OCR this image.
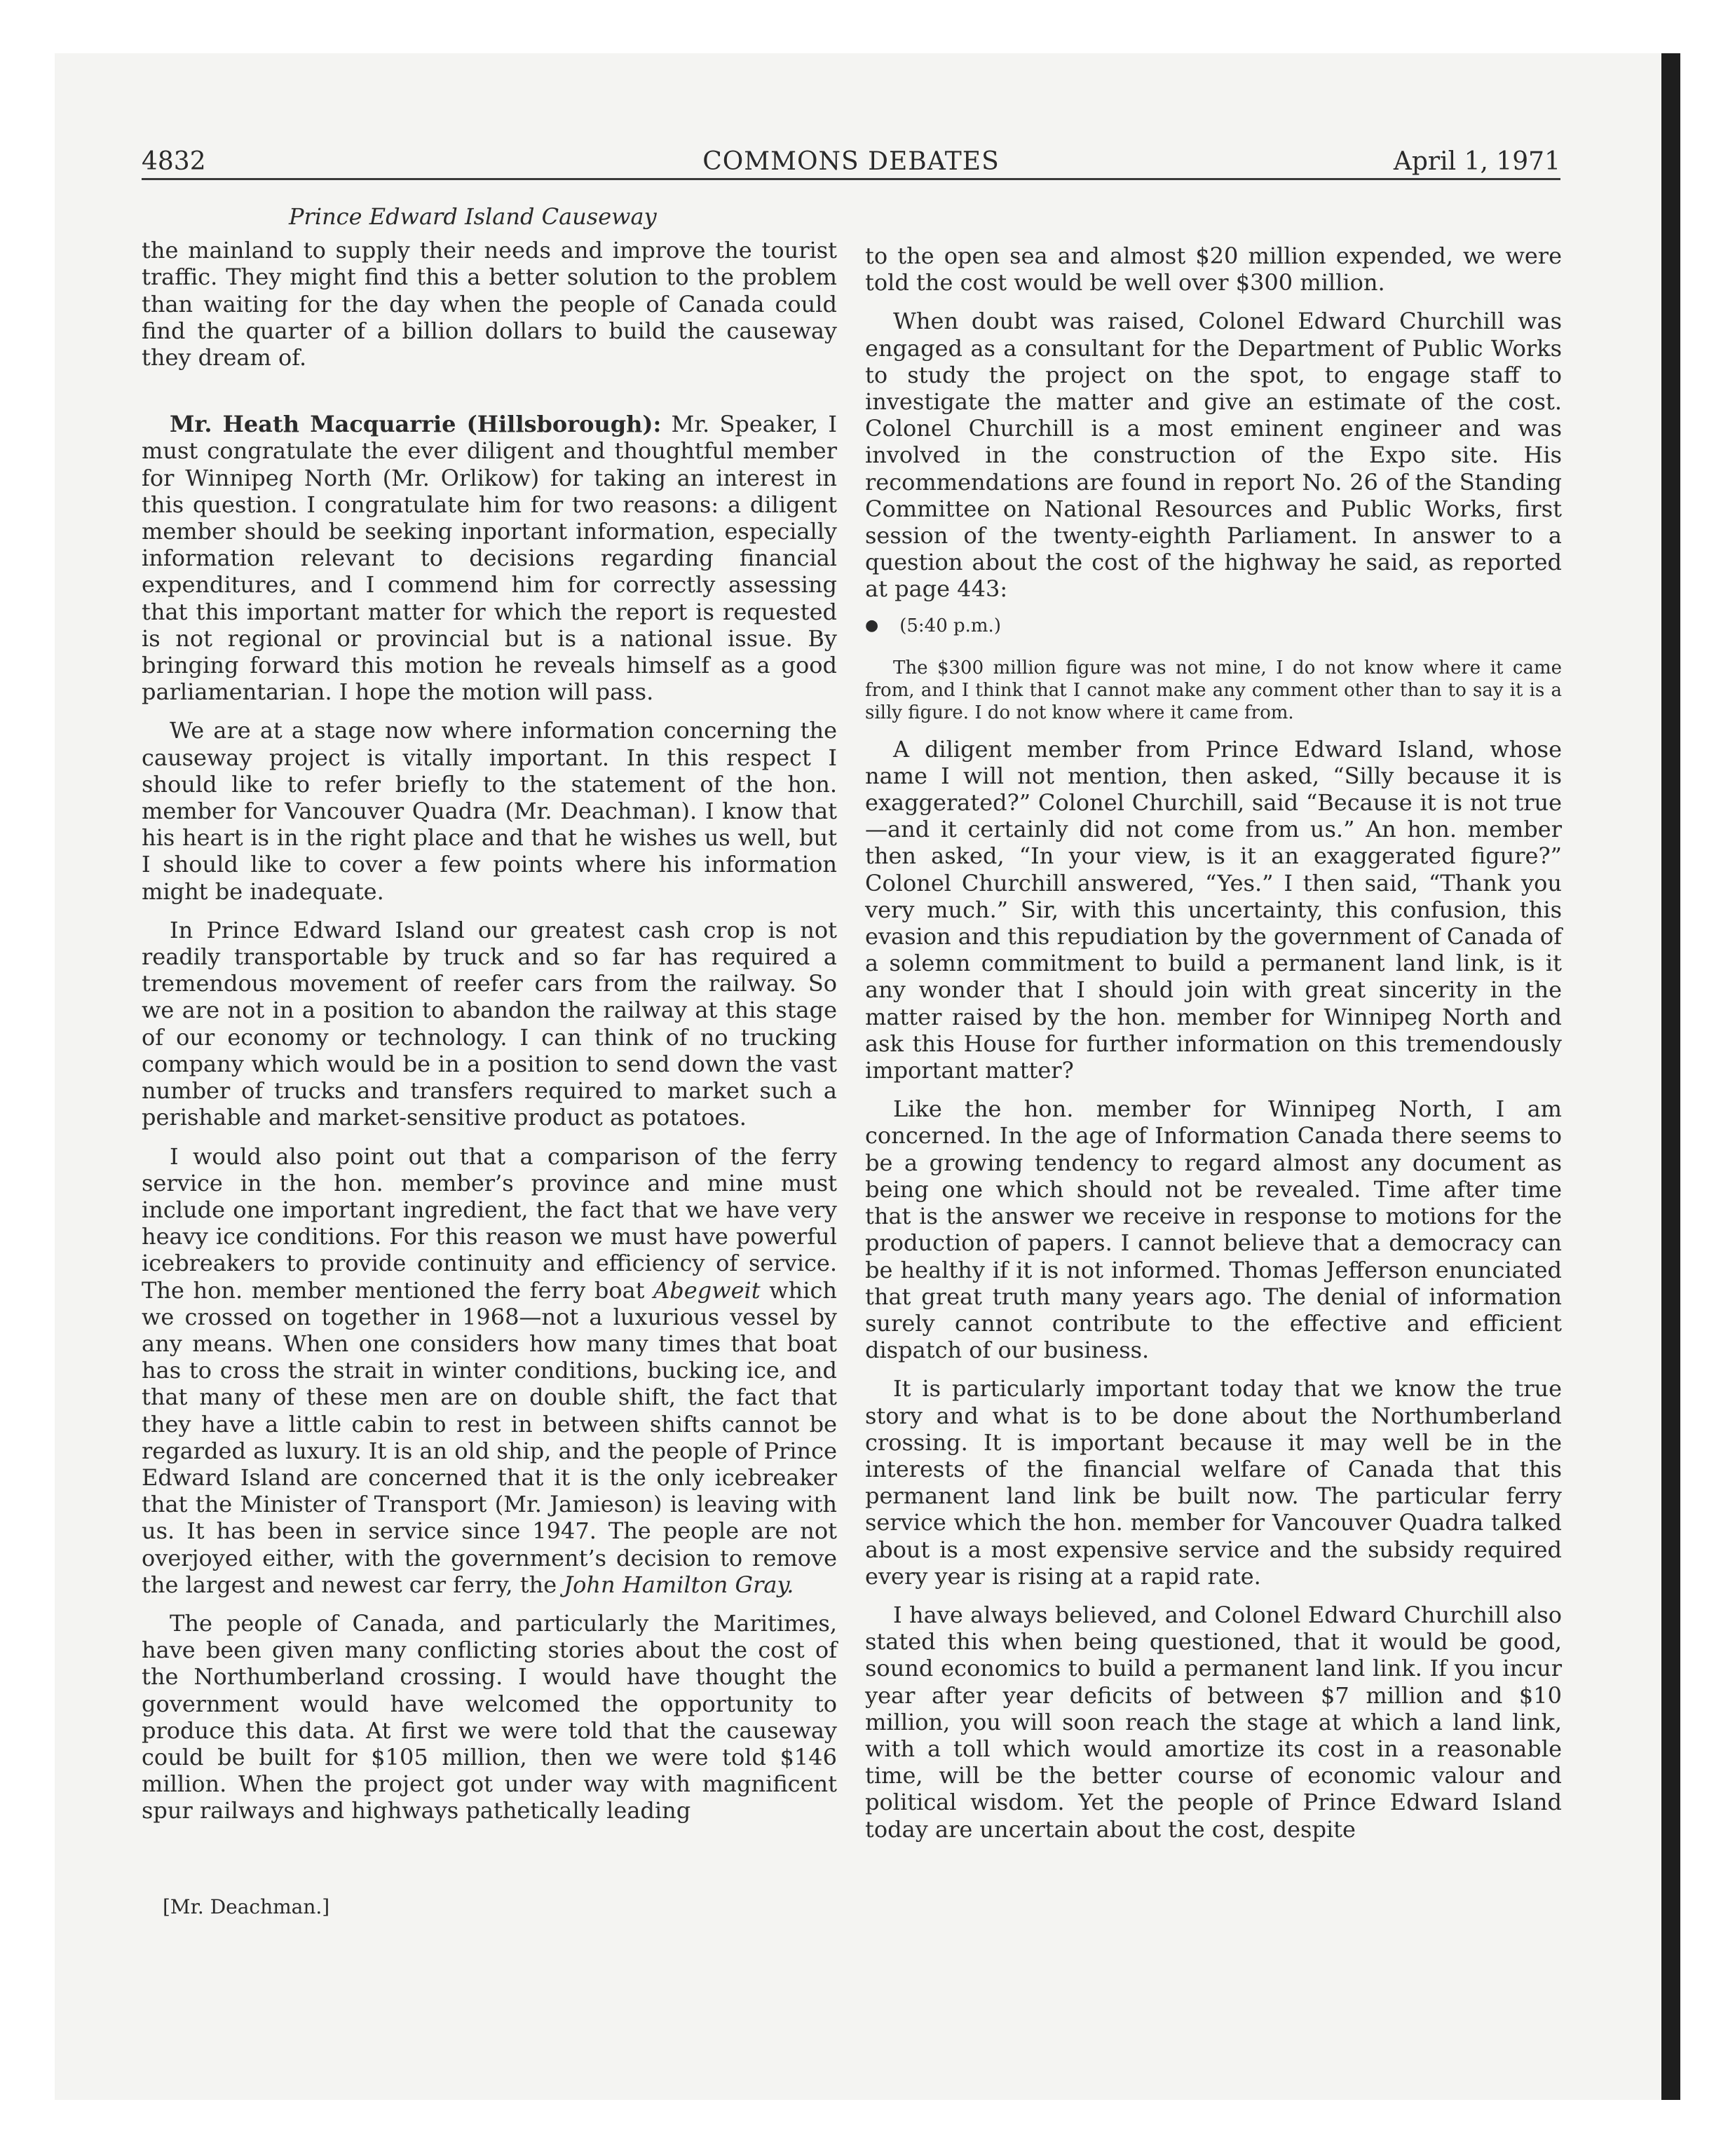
4832	COMMONS DEBATES	April 1, 1971
Prince Edward Island Causeway

the mainland to supply their needs and improve the tourist traffic. They might find this a better solution to the problem than waiting for the day when the people of Canada could find the quarter of a billion dollars to build the causeway they dream of.

Mr. Heath Macquarrie (Hillsborough): Mr. Speaker, I must congratulate the ever diligent and thoughtful member for Winnipeg North (Mr. Orlikow) for taking an interest in this question. I congratulate him for two reasons: a diligent member should be seeking inportant information, especially information relevant to decisions regarding financial expenditures, and I commend him for correctly assessing that this important matter for which the report is requested is not regional or provincial but is a national issue. By bringing forward this motion he reveals himself as a good parliamentarian. I hope the motion will pass.

We are at a stage now where information concerning the causeway project is vitally important. In this respect I should like to refer briefly to the statement of the hon. member for Vancouver Quadra (Mr. Deachman). I know that his heart is in the right place and that he wishes us well, but I should like to cover a few points where his information might be inadequate.

In Prince Edward Island our greatest cash crop is not readily transportable by truck and so far has required a tremendous movement of reefer cars from the railway. So we are not in a position to abandon the railway at this stage of our economy or technology. I can think of no trucking company which would be in a position to send down the vast number of trucks and transfers required to market such a perishable and market-sensitive product as potatoes.

I would also point out that a comparison of the ferry service in the hon. member’s province and mine must include one important ingredient, the fact that we have very heavy ice conditions. For this reason we must have powerful icebreakers to provide continuity and efficiency of service. The hon. member mentioned the ferry boat Abegweit which we crossed on together in 1968—not a luxurious vessel by any means. When one considers how many times that boat has to cross the strait in winter conditions, bucking ice, and that many of these men are on double shift, the fact that they have a little cabin to rest in between shifts cannot be regarded as luxury. It is an old ship, and the people of Prince Edward Island are concerned that it is the only icebreaker that the Minister of Transport (Mr. Jamieson) is leaving with us. It has been in service since 1947. The people are not overjoyed either, with the government’s decision to remove the largest and newest car ferry, the John Hamilton Gray.

The people of Canada, and particularly the Maritimes, have been given many conflicting stories about the cost of the Northumberland crossing. I would have thought the government would have welcomed the opportunity to produce this data. At first we were told that the causeway could be built for $105 million, then we were told $146 million. When the project got under way with magnificent spur railways and highways pathetically leading

[Mr. Deachman.]

to the open sea and almost $20 million expended, we were told the cost would be well over $300 million.

When doubt was raised, Colonel Edward Churchill was engaged as a consultant for the Department of Public Works to study the project on the spot, to engage staff to investigate the matter and give an estimate of the cost. Colonel Churchill is a most eminent engineer and was involved in the construction of the Expo site. His recommendations are found in report No. 26 of the Standing Committee on National Resources and Public Works, first session of the twenty-eighth Parliament. In answer to a question about the cost of the highway he said, as reported at page 443:

● (5:40 p.m.)

The $300 million figure was not mine, I do not know where it came from, and I think that I cannot make any comment other than to say it is a silly figure. I do not know where it came from.

A diligent member from Prince Edward Island, whose name I will not mention, then asked, “Silly because it is exaggerated?” Colonel Churchill, said “Because it is not true—and it certainly did not come from us.” An hon. member then asked, “In your view, is it an exaggerated figure?” Colonel Churchill answered, “Yes.” I then said, “Thank you very much.” Sir, with this uncertainty, this confusion, this evasion and this repudiation by the government of Canada of a solemn commitment to build a permanent land link, is it any wonder that I should join with great sincerity in the matter raised by the hon. member for Winnipeg North and ask this House for further information on this tremendously important matter?

Like the hon. member for Winnipeg North, I am concerned. In the age of Information Canada there seems to be a growing tendency to regard almost any document as being one which should not be revealed. Time after time that is the answer we receive in response to motions for the production of papers. I cannot believe that a democracy can be healthy if it is not informed. Thomas Jefferson enunciated that great truth many years ago. The denial of information surely cannot contribute to the effective and efficient dispatch of our business.

It is particularly important today that we know the true story and what is to be done about the Northumberland crossing. It is important because it may well be in the interests of the financial welfare of Canada that this permanent land link be built now. The particular ferry service which the hon. member for Vancouver Quadra talked about is a most expensive service and the subsidy required every year is rising at a rapid rate.

I have always believed, and Colonel Edward Churchill also stated this when being questioned, that it would be good, sound economics to build a permanent land link. If you incur year after year deficits of between $7 million and $10 million, you will soon reach the stage at which a land link, with a toll which would amortize its cost in a reasonable time, will be the better course of economic valour and political wisdom. Yet the people of Prince Edward Island today are uncertain about the cost, despite
